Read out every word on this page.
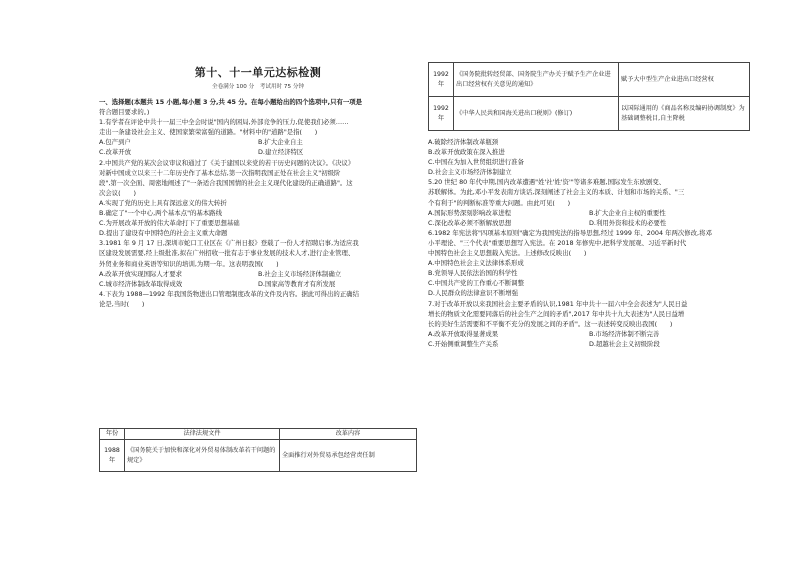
第十、十一单元达标检测
全卷满分 100 分　考试用时 75 分钟
一、选择题(本题共 15 小题,每小题 3 分,共 45 分。在每小题给出的四个选项中,只有一项是
符合题目要求的。)
1.有学者在评论中共十一届三中全会时说"国内的困局,外部竞争的压力,促使我们必须……
走出一条建设社会主义、使国家繁荣富强的道路。"材料中的"道路"是指(　　)
A.包产到户	B.扩大企业自主
C.改革开放	D.建立经济特区
2.中国共产党的某次会议审议和通过了《关于建国以来党的若干历史问题的决议》。《决议》
对新中国成立以来三十二年历史作了基本总结,第一次指明我国正处在社会主义"初级阶
段",第一次全面、周密地阐述了"一条适合我国国情的社会主义现代化建设的正确道路"。这
次会议(　　)
A.实现了党的历史上具有深远意义的伟大转折
B.确定了"一个中心,两个基本点"的基本路线
C.为开展改革开放的伟大革命打下了重要思想基础
D.提出了建设有中国特色的社会主义重大命题
3.1981 年 9 月 17 日,深圳市蛇口工业区在《广州日报》登载了一份人才招聘启事,为适应我
区建设发展需要,经上级批准,拟在广州招收一批有志于事业发展的技术人才,进行企业管理、
外贸业务和商业英语等知识的培训,为期一年。这表明我国(　　)
A.改革开放实现国际人才要求	B.社会主义市场经济体制确立
C.城市经济体制改革取得成效	D.国家高等教育才有所发展
4.下表为 1988—1992 年我国货物进出口管理制度改革的文件及内容。据此可得出的正确结
论是,当时(　　)
年份	法律法规文件	改革内容
1988年	《国务院关于加快和深化对外贸易体制改革若干问题的规定》	全面推行对外贸易承包经营责任制
1992年	《国务院批转经贸部、国务院生产办关于赋予生产企业进出口经营权有关意见的通知》	赋予大中型生产企业进出口经营权
1992年	《中华人民共和国海关进出口税则》(修订)	以国际通用的《商品名称及编码协调制度》为基础调整税目,自主降税
A.破除经济体制改革瓶颈
B.改革开放政策在深入推进
C.中国在为加入世贸组织进行准备
D.社会主义市场经济体制建立
5.20 世纪 80 年代中期,国内改革遭遇"姓'社'姓'资'"等诸多难题,国际发生东欧剧变、
苏联解体。为此,邓小平发表南方谈话,深刻阐述了社会主义的本质、计划和市场的关系、"三
个有利于"的判断标准等重大问题。由此可见(　　)
A.国际形势深刻影响改革进程	B.扩大企业自主权的重要性
C.深化改革必须不断解放思想	D.利用外资和技术的必要性
6.1982 年宪法将"四项基本原则"确定为我国宪法的指导思想,经过 1999 年、2004 年两次修改,将邓
小平理论、"三个代表"重要思想写入宪法。在 2018 年修宪中,把科学发展观、习近平新时代
中国特色社会主义思想载入宪法。上述修改反映出(　　)
A.中国特色社会主义法律体系形成
B.党领导人民依法治国的科学性
C.中国共产党的工作重心不断调整
D.人民群众的法律意识不断增强
7.对于改革开放以来我国社会主要矛盾的认识,1981 年中共十一届六中全会表述为"人民日益
增长的物质文化需要同落后的社会生产之间的矛盾",2017 年中共十九大表述为"人民日益增
长的美好生活需要和不平衡不充分的发展之间的矛盾"。这一表述转变反映出我国(　　)
A.改革开放取得显著成果	B.市场经济体制不断完善
C.开始侧重调整生产关系	D.超越社会主义初级阶段
